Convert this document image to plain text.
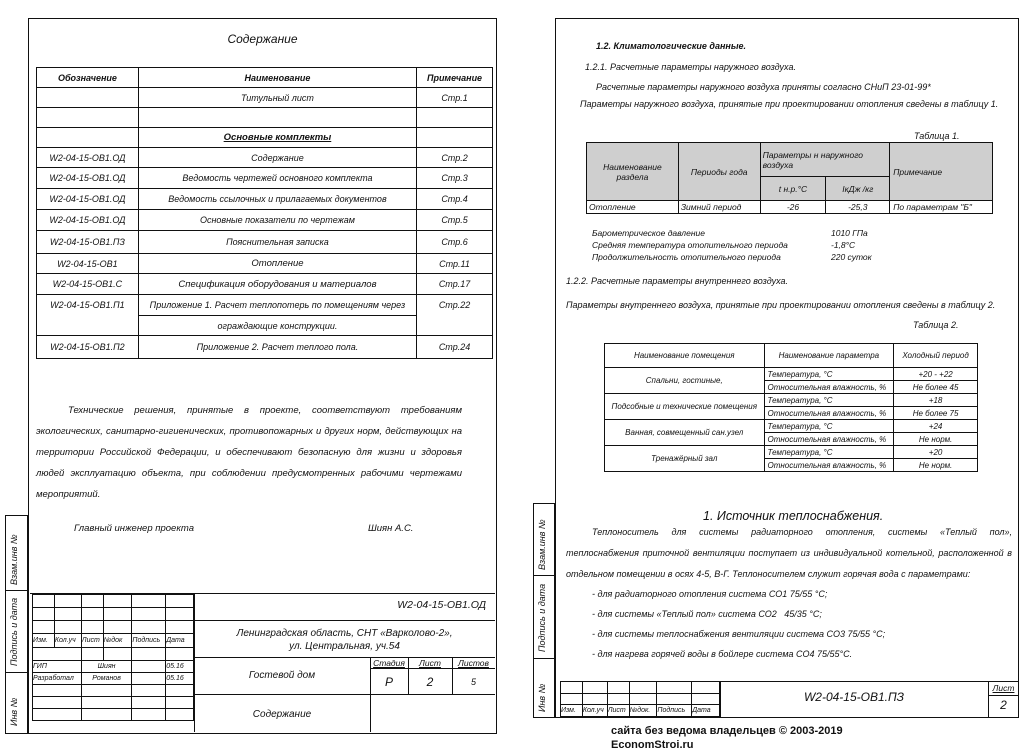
Содержание
Обозначение	Наименование	Примечание
	Титульный лист	Стр.1

	Основные комплекты	
W2-04-15-ОВ1.ОД	Содержание	Стр.2
W2-04-15-ОВ1.ОД	Ведомость чертежей основного комплекта	Стр.3
W2-04-15-ОВ1.ОД	Ведомость ссылочных и прилагаемых документов	Стр.4
W2-04-15-ОВ1.ОД	Основные показатели по чертежам	Стр.5
W2-04-15-ОВ1.ПЗ	Пояснительная записка	Стр.6
W2-04-15-ОВ1	Отопление	Стр.11
W2-04-15-ОВ1.С	Спецификация оборудования и материалов	Стр.17
W2-04-15-ОВ1.П1	Приложение 1. Расчет теплопотерь по помещениям через	Стр.22
	ограждающие конструкции.	
W2-04-15-ОВ1.П2	Приложение 2. Расчет теплого пола.	Стр.24
Технические решения, принятые в проекте, соответствуют требованиям экологических, санитарно-гигиенических, противопожарных и других норм, действующих на территории Российской Федерации, и обеспечивают безопасную для жизни и здоровья людей эксплуатацию объекта, при соблюдении предусмотренных рабочими чертежами мероприятий.
Главный инженер проекта	Шиян А.С.
Взам.инв №
Подпись и дата
Инв №

Изм.	Кол.уч	Лист	№док	Подпись	Дата

ГИП		Шиян			05.16
Разработал		Романов			05.16

W2-04-15-ОВ1.ОД
Ленинградская область, СНТ «Варколово-2»,
ул. Центральная, уч.54
Стадия	Лист	Листов
Р	2	5
Гостевой дом
Содержание
1.2. Климатологические данные.
1.2.1. Расчетные параметры наружного воздуха.
Расчетные параметры наружного воздуха приняты согласно СНиП 23-01-99*
Параметры наружного воздуха, принятые при проектировании отопления сведены в таблицу 1.
Таблица 1.
Наименование раздела	Периоды года	Параметры н наружного воздуха		Примечание
		t н.р.°С	IкДж /кг	
Отопление	Зимний период	-26	-25,3	По параметрам "Б"
Барометрическое давление	1010 ГПа
Средняя температура отопительного периода	-1,8°С
Продолжительность отопительного периода	220 суток
1.2.2. Расчетные параметры внутреннего воздуха.
Параметры внутреннего воздуха, принятые при проектировании отопления сведены в таблицу 2.
Таблица 2.
Наименование помещения	Наименование параметра	Холодный период
Спальни, гостиные,	Температура, °С	+20 - +22
	Относительная влажность, %	Не более 45
Подсобные и технические помещения	Температура, °С	+18
	Относительная влажность, %	Не более 75
Ванная, совмещенный сан.узел	Температура, °С	+24
	Относительная влажность, %	Не норм.
Тренажёрный зал	Температура, °С	+20
	Относительная влажность, %	Не норм.
1. Источник теплоснабжения.
Теплоноситель для системы радиаторного отопления, системы «Теплый пол», теплоснабжения приточной вентиляции поступает из индивидуальной котельной, расположенной в отдельном помещении в осях 4-5, В-Г. Теплоносителем служит горячая вода с параметрами:
- для радиаторного отопления система СО1 75/55 °С;
- для системы «Теплый пол» система СО2   45/35 °С;
- для системы теплоснабжения вентиляции система СО3 75/55 °С;
- для нагрева горячей воды в бойлере система СО4 75/55°С.
Взам.инв №
Подпись и дата
Инв №

					Изм.	Кол.уч	Лист	№док.	Подпись	Дата
W2-04-15-ОВ1.ПЗ
Лист
2
сайта без ведома владельцев © 2003-2019
EconomStroi.ru
